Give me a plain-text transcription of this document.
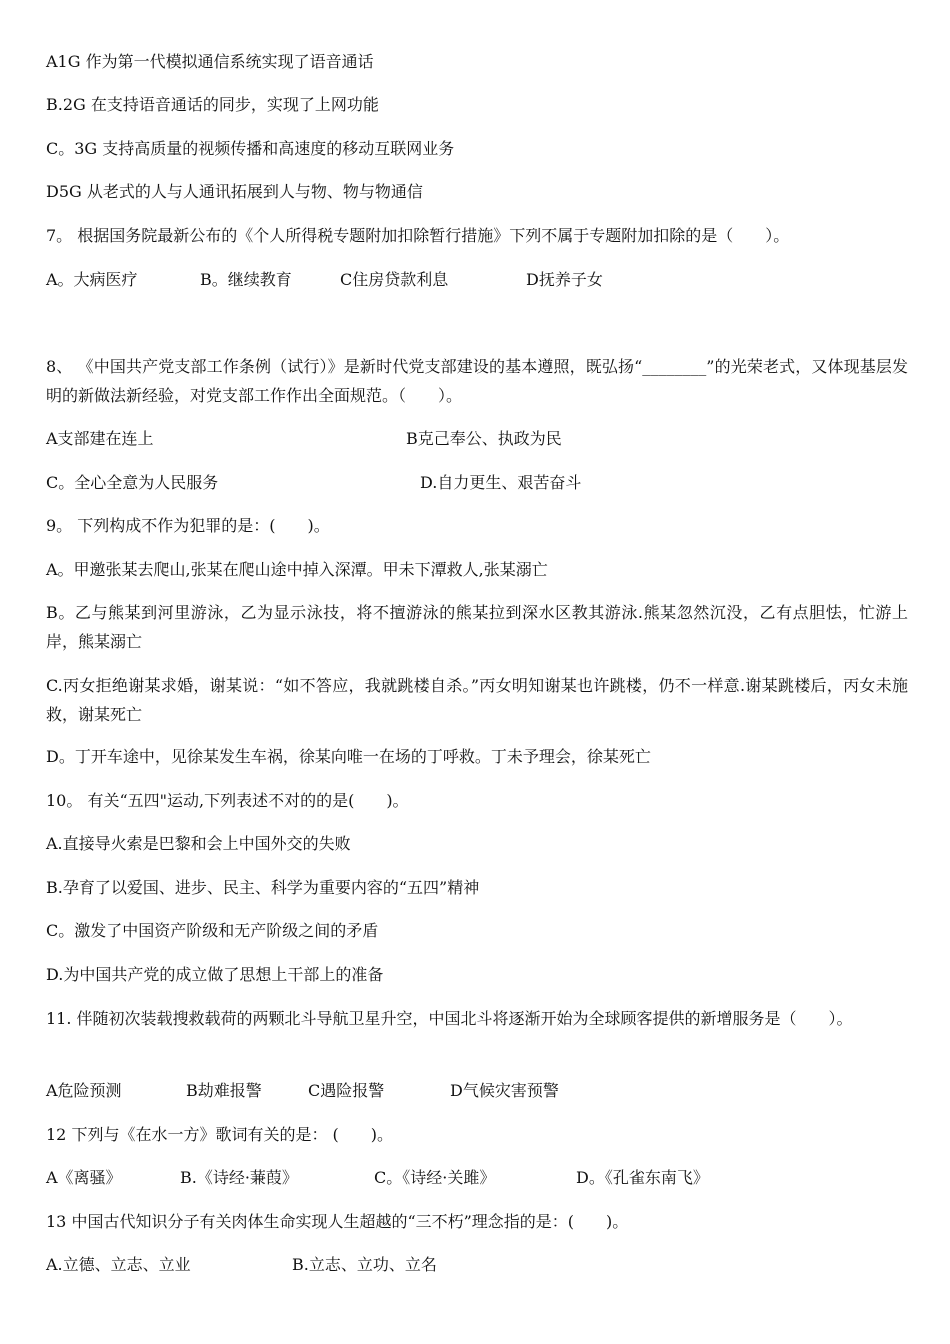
A1G 作为第一代模拟通信系统实现了语音通话
B.2G 在支持语音通话的同步，实现了上网功能
C。3G 支持高质量的视频传播和高速度的移动互联网业务
D5G 从老式的人与人通讯拓展到人与物、物与物通信
7。 根据国务院最新公布的《个人所得税专题附加扣除暂行措施》下列不属于专题附加扣除的是（　　）。
A。大病医疗	B。继续教育	C住房贷款利息	D抚养子女
8、 《中国共产党支部工作条例（试行）》是新时代党支部建设的基本遵照，既弘扬“________”的光荣老式，又体现基层发明的新做法新经验，对党支部工作作出全面规范。（　　）。
A支部建在连上	B克己奉公、执政为民
C。全心全意为人民服务	D.自力更生、艰苦奋斗
9。 下列构成不作为犯罪的是：(　　)。
A。甲邀张某去爬山,张某在爬山途中掉入深潭。甲未下潭救人,张某溺亡
B。乙与熊某到河里游泳，乙为显示泳技，将不擅游泳的熊某拉到深水区教其游泳.熊某忽然沉没，乙有点胆怯，忙游上岸，熊某溺亡
C.丙女拒绝谢某求婚，谢某说：“如不答应，我就跳楼自杀。”丙女明知谢某也许跳楼，仍不一样意.谢某跳楼后，丙女未施救，谢某死亡
D。丁开车途中，见徐某发生车祸，徐某向唯一在场的丁呼救。丁未予理会，徐某死亡
10。 有关“五四"运动,下列表述不对的的是(　　)。
A.直接导火索是巴黎和会上中国外交的失败
B.孕育了以爱国、进步、民主、科学为重要内容的“五四”精神
C。激发了中国资产阶级和无产阶级之间的矛盾
D.为中国共产党的成立做了思想上干部上的准备
11. 伴随初次装载搜救载荷的两颗北斗导航卫星升空，中国北斗将逐渐开始为全球顾客提供的新增服务是（　　）。
A危险预测	B劫难报警	C遇险报警	D气候灾害预警
12 下列与《在水一方》歌词有关的是： (　　)。
A《离骚》	B.《诗经·蒹葭》	C。《诗经·关雎》	D。《孔雀东南飞》
13 中国古代知识分子有关肉体生命实现人生超越的“三不朽”理念指的是：(　　)。
A.立德、立志、立业	B.立志、立功、立名
